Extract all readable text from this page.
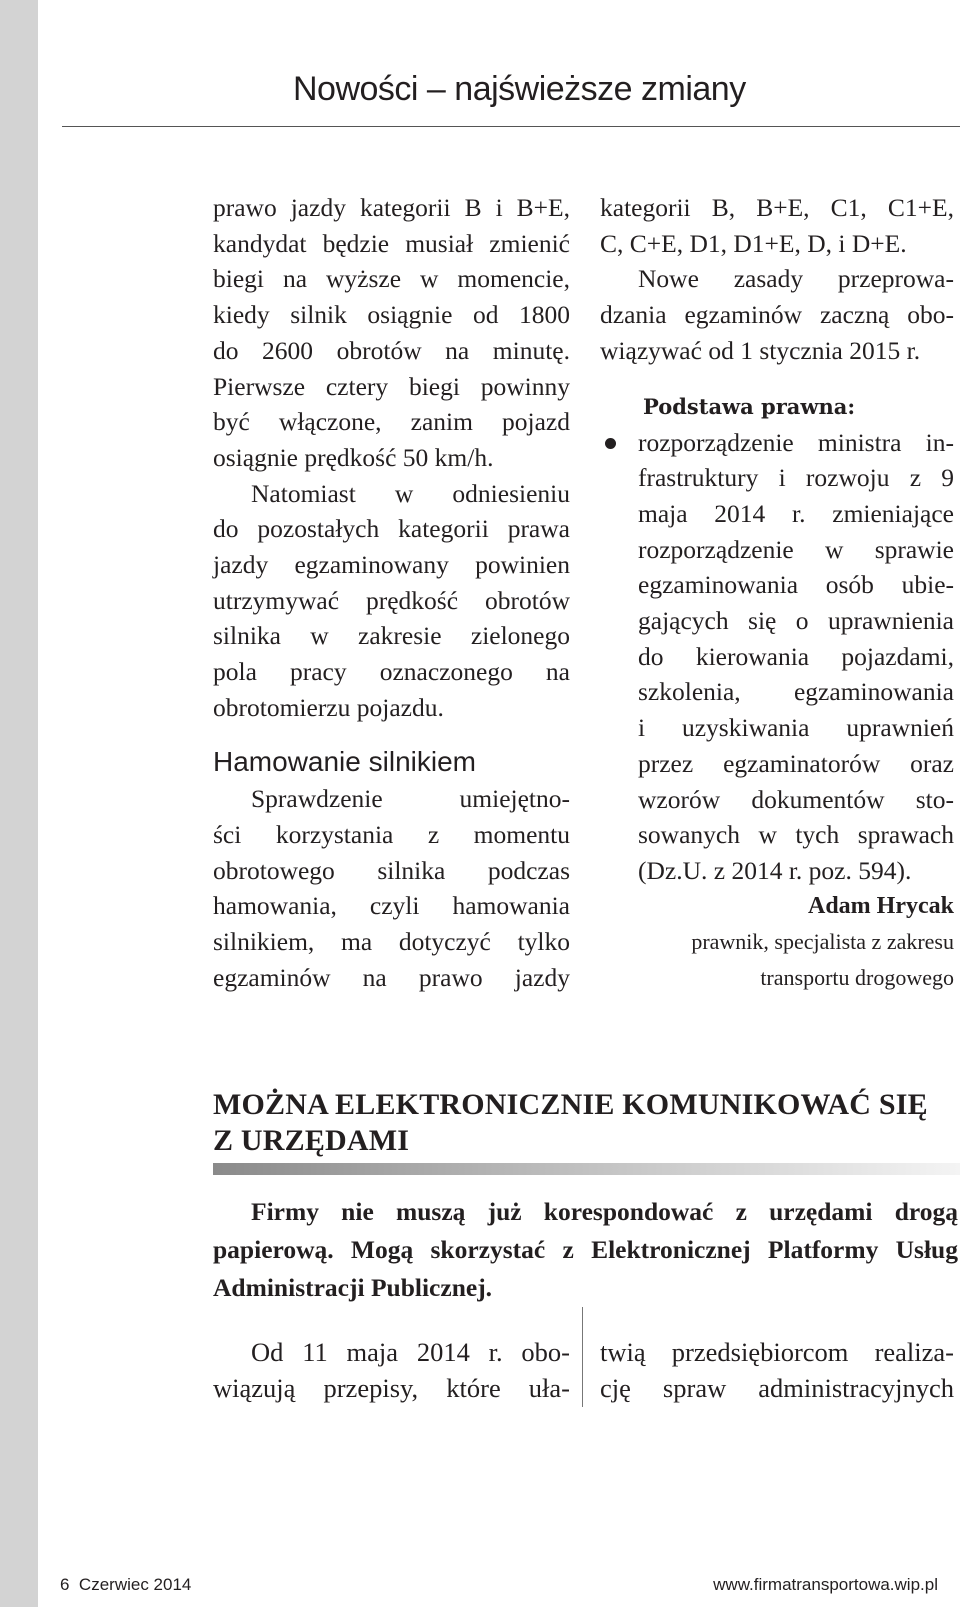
Nowości – najświeższe zmiany

prawo jazdy kategorii B i B+E,
kandydat będzie musiał zmienić
biegi na wyższe w momencie,
kiedy silnik osiągnie od 1800
do 2600 obrotów na minutę.
Pierwsze cztery biegi powinny
być włączone, zanim pojazd
osiągnie prędkość 50 km/h.

Natomiast w odniesieniu
do pozostałych kategorii prawa
jazdy egzaminowany powinien
utrzymywać prędkość obrotów
silnika w zakresie zielonego
pola pracy oznaczonego na
obrotomierzu pojazdu.

Hamowanie silnikiem

Sprawdzenie umiejętno-
ści korzystania z momentu
obrotowego silnika podczas
hamowania, czyli hamowania
silnikiem, ma dotyczyć tylko
egzaminów na prawo jazdy

kategorii B, B+E, C1, C1+E,
C, C+E, D1, D1+E, D, i D+E.
Nowe zasady przeprowa-
dzania egzaminów zaczną obo-
wiązywać od 1 stycznia 2015 r.

Podstawa prawna:
rozporządzenie ministra in-
frastruktury i rozwoju z 9
maja 2014 r. zmieniające
rozporządzenie w sprawie
egzaminowania osób ubie-
gających się o uprawnienia
do kierowania pojazdami,
szkolenia, egzaminowania
i uzyskiwania uprawnień
przez egzaminatorów oraz
wzorów dokumentów sto-
sowanych w tych sprawach
(Dz.U. z 2014 r. poz. 594).
Adam Hrycak
prawnik, specjalista z zakresu
transportu drogowego
MOŻNA ELEKTRONICZNIE KOMUNIKOWAĆ SIĘ
Z URZĘDAMI
Firmy nie muszą już korespondować z urzędami drogą
papierową. Mogą skorzystać z Elektronicznej Platformy Usług
Administracji Publicznej.
Od 11 maja 2014 r. obo-
wiązują przepisy, które uła-
twią przedsiębiorcom realiza-
cję spraw administracyjnych
6 Czerwiec 2014	www.firmatransportowa.wip.pl
